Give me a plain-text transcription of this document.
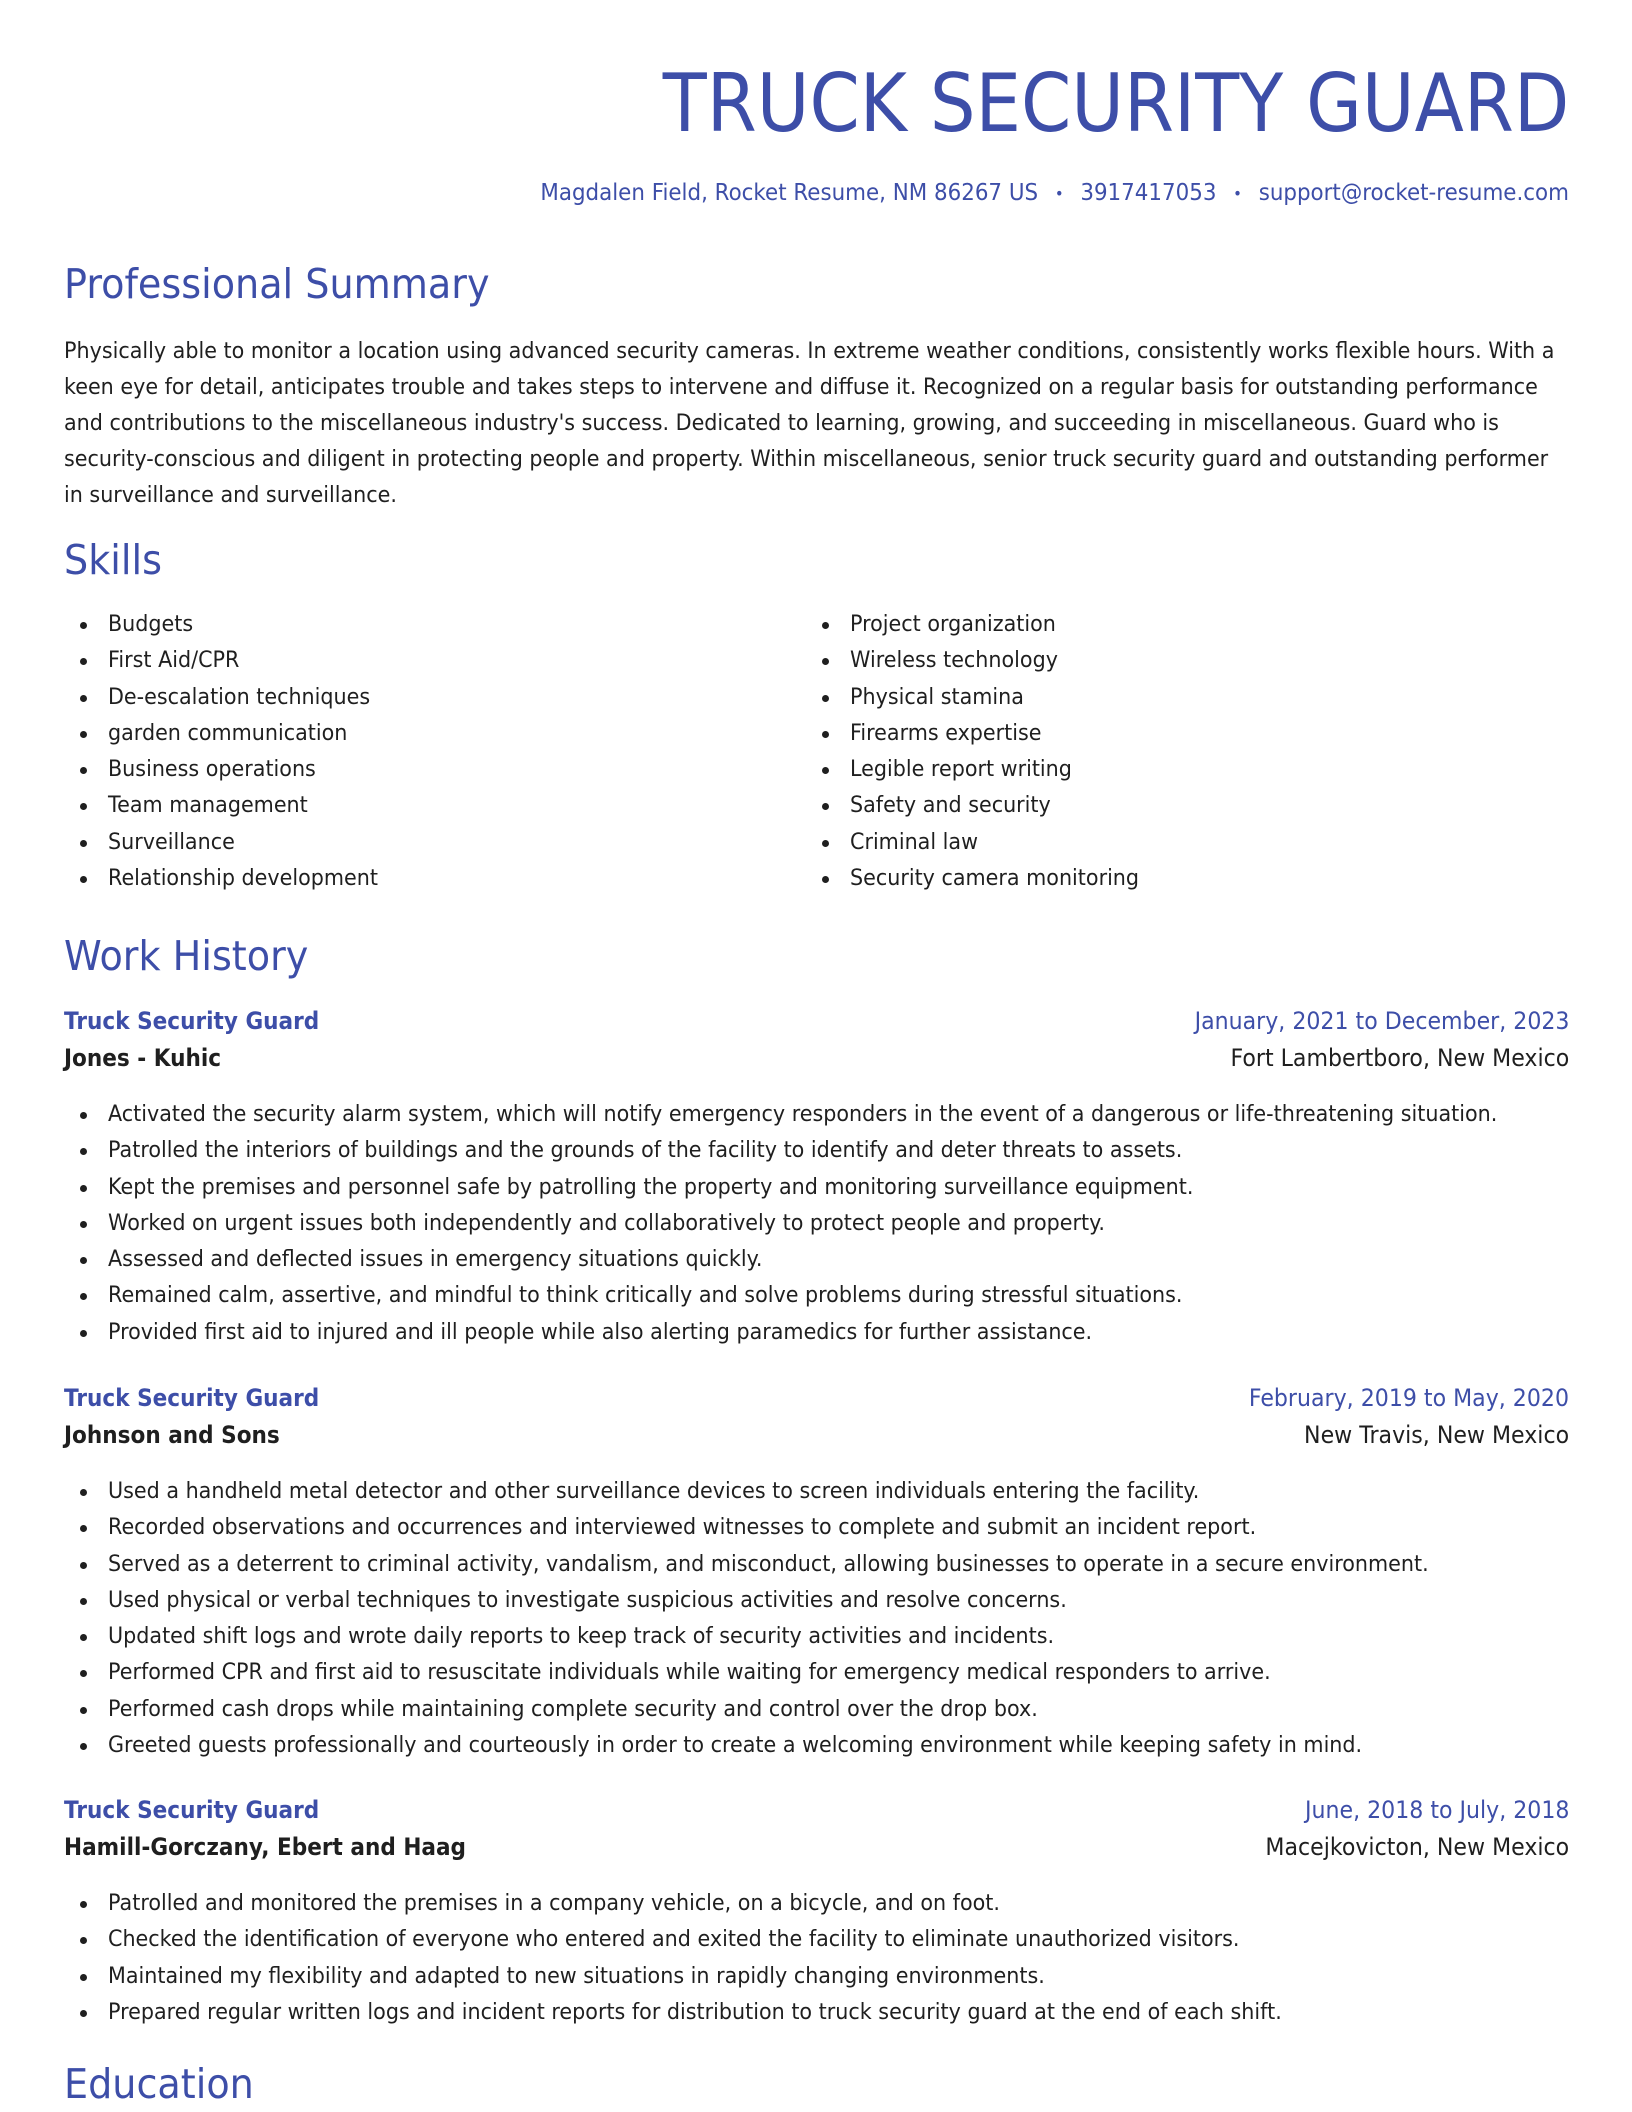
TRUCK SECURITY GUARD
Magdalen Field, Rocket Resume, NM 86267 US • 3917417053 • support@rocket-resume.com
Professional Summary

Physically able to monitor a location using advanced security cameras. In extreme weather conditions, consistently works flexible hours. With a keen eye for detail, anticipates trouble and takes steps to intervene and diffuse it. Recognized on a regular basis for outstanding performance and contributions to the miscellaneous industry's success. Dedicated to learning, growing, and succeeding in miscellaneous. Guard who is security-conscious and diligent in protecting people and property. Within miscellaneous, senior truck security guard and outstanding performer in surveillance and surveillance.

Skills
Budgets
First Aid/CPR
De-escalation techniques
garden communication
Business operations
Team management
Surveillance
Relationship development
Project organization
Wireless technology
Physical stamina
Firearms expertise
Legible report writing
Safety and security
Criminal law
Security camera monitoring
Work History
Truck Security Guard	January, 2021 to December, 2023
Jones - Kuhic	Fort Lambertboro, New Mexico
Activated the security alarm system, which will notify emergency responders in the event of a dangerous or life-threatening situation.
Patrolled the interiors of buildings and the grounds of the facility to identify and deter threats to assets.
Kept the premises and personnel safe by patrolling the property and monitoring surveillance equipment.
Worked on urgent issues both independently and collaboratively to protect people and property.
Assessed and deflected issues in emergency situations quickly.
Remained calm, assertive, and mindful to think critically and solve problems during stressful situations.
Provided first aid to injured and ill people while also alerting paramedics for further assistance.
Truck Security Guard	February, 2019 to May, 2020
Johnson and Sons	New Travis, New Mexico
Used a handheld metal detector and other surveillance devices to screen individuals entering the facility.
Recorded observations and occurrences and interviewed witnesses to complete and submit an incident report.
Served as a deterrent to criminal activity, vandalism, and misconduct, allowing businesses to operate in a secure environment.
Used physical or verbal techniques to investigate suspicious activities and resolve concerns.
Updated shift logs and wrote daily reports to keep track of security activities and incidents.
Performed CPR and first aid to resuscitate individuals while waiting for emergency medical responders to arrive.
Performed cash drops while maintaining complete security and control over the drop box.
Greeted guests professionally and courteously in order to create a welcoming environment while keeping safety in mind.
Truck Security Guard	June, 2018 to July, 2018
Hamill-Gorczany, Ebert and Haag	Macejkovicton, New Mexico
Patrolled and monitored the premises in a company vehicle, on a bicycle, and on foot.
Checked the identification of everyone who entered and exited the facility to eliminate unauthorized visitors.
Maintained my flexibility and adapted to new situations in rapidly changing environments.
Prepared regular written logs and incident reports for distribution to truck security guard at the end of each shift.
Education
